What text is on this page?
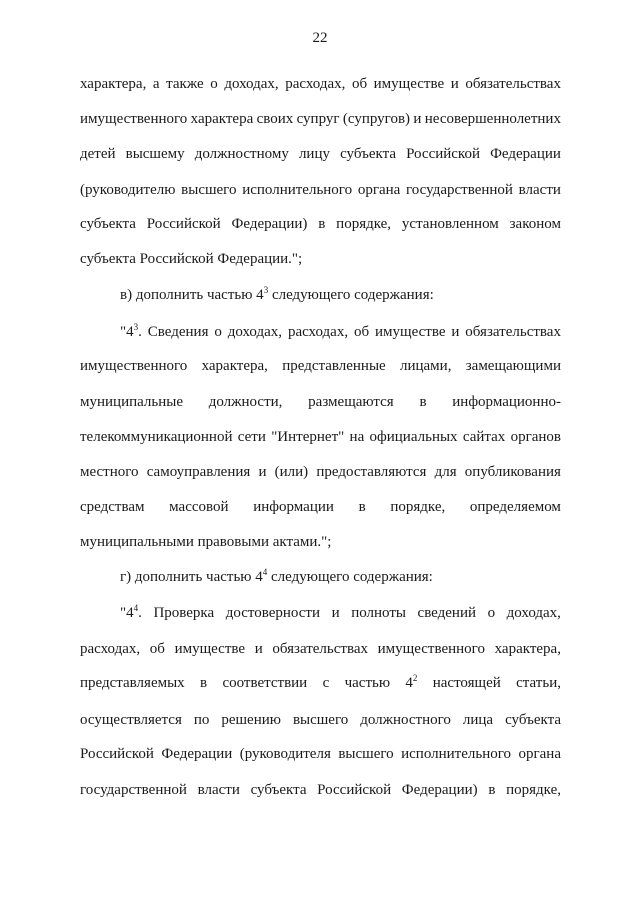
22
характера, а также о доходах, расходах, об имуществе и обязательствах
имущественного характера своих супруг (супругов) и несовершеннолетних
детей высшему должностному лицу субъекта Российской Федерации
(руководителю высшего исполнительного органа государственной власти
субъекта Российской Федерации) в порядке, установленном законом
субъекта Российской Федерации.";
в) дополнить частью $4^3$ следующего содержания:
"$4^3$. Сведения о доходах, расходах, об имуществе и обязательствах
имущественного характера, представленные лицами, замещающими
муниципальные должности, размещаются в информационно-
телекоммуникационной сети "Интернет" на официальных сайтах органов
местного самоуправления и (или) предоставляются для опубликования
средствам массовой информации в порядке, определяемом
муниципальными правовыми актами.";
г) дополнить частью $4^4$ следующего содержания:
"$4^4$. Проверка достоверности и полноты сведений о доходах,
расходах, об имуществе и обязательствах имущественного характера,
представляемых в соответствии с частью $4^2$ настоящей статьи,
осуществляется по решению высшего должностного лица субъекта
Российской Федерации (руководителя высшего исполнительного органа
государственной власти субъекта Российской Федерации) в порядке,
